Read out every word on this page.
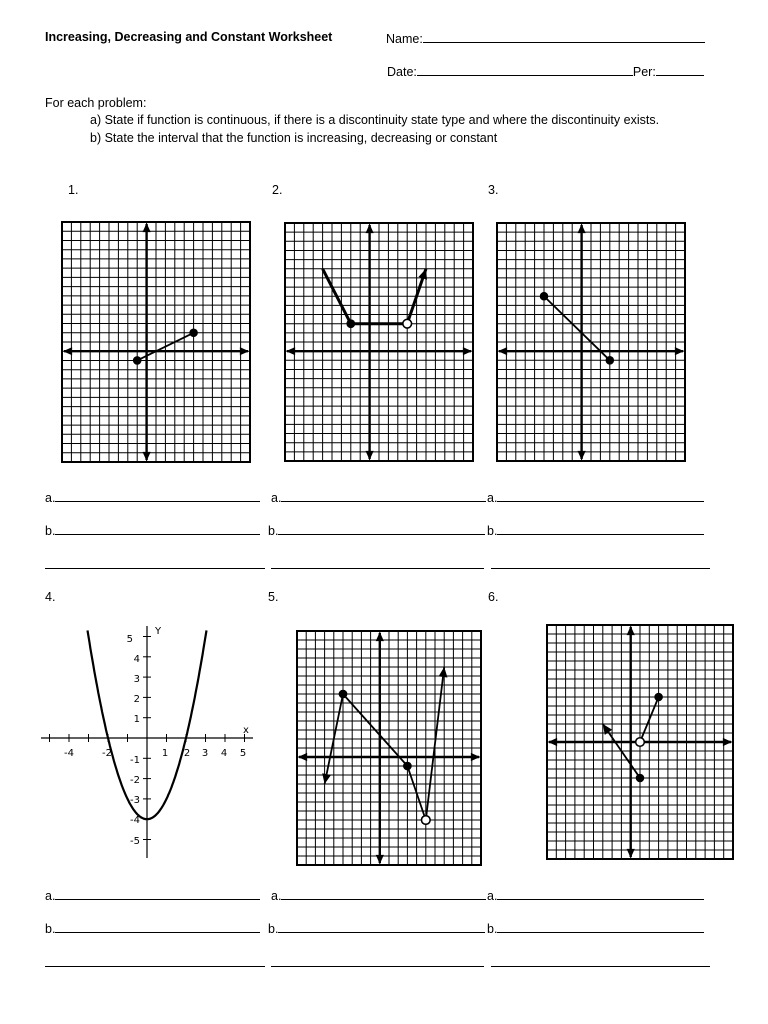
Increasing, Decreasing and Constant Worksheet	Name:
Date:	Per:
For each problem:
a) State if function is continuous, if there is a discontinuity state type and where the discontinuity exists.
b) State the interval that the function is increasing, decreasing or constant
1.	2.	3.
4.	5.	6.
Y
x
5
4
3
2
1
-1
-2
-3
-4
-5
-4	-2	1 2 3 4 5
a.	a.	a.
b.	b.	b.
a.	a.	a.
b.	b.	b.
